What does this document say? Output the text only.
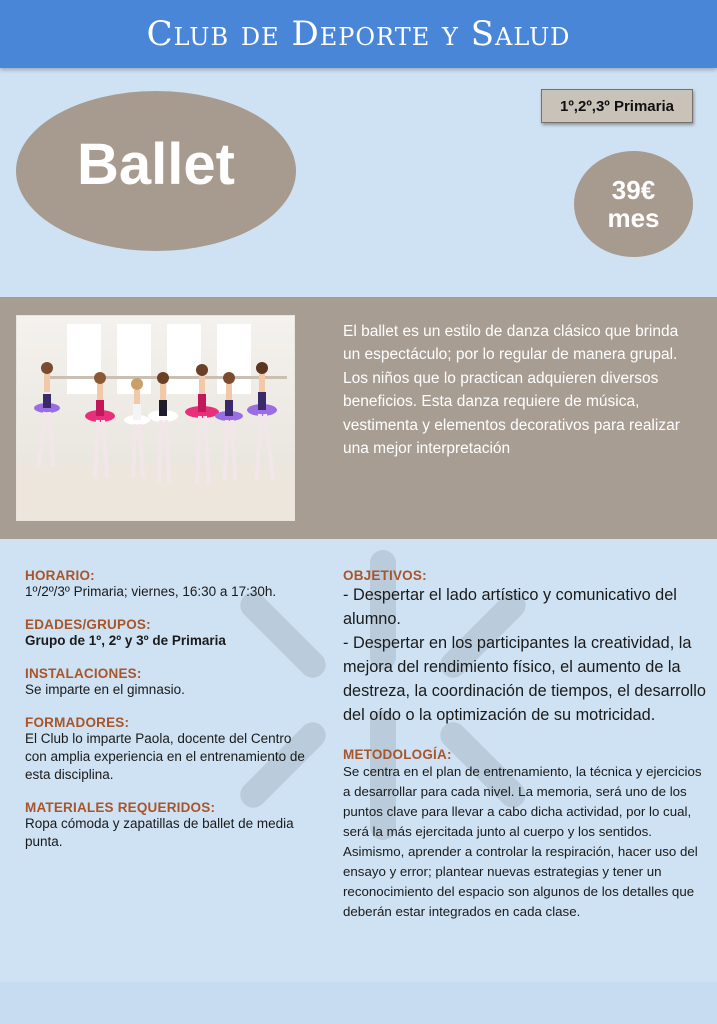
Club de Deporte y Salud
1º,2º,3º Primaria
Ballet	39€
mes
El ballet es un estilo de danza clásico que brinda un espectáculo; por lo regular de manera grupal. Los niños que lo practican adquieren diversos beneficios. Esta danza requiere de música, vestimenta y elementos decorativos para realizar una mejor interpretación
HORARIO:
1º/2º/3º Primaria; viernes, 16:30 a 17:30h.
EDADES/GRUPOS:
Grupo de 1º, 2º y 3º de Primaria
INSTALACIONES:
Se imparte en el gimnasio.
FORMADORES:
El Club lo imparte Paola, docente del Centro con amplia experiencia en el entrenamiento de esta disciplina.
MATERIALES REQUERIDOS:
Ropa cómoda y zapatillas de ballet de media punta.
OBJETIVOS:
- Despertar el lado artístico y comunicativo del alumno.
- Despertar en los participantes la creatividad, la mejora del rendimiento físico, el aumento de la destreza, la coordinación de tiempos, el desarrollo del oído o la optimización de su motricidad.
METODOLOGÍA:
Se centra en el plan de entrenamiento, la técnica y ejercicios a desarrollar para cada nivel. La memoria, será uno de los puntos clave para llevar a cabo dicha actividad, por lo cual, será la más ejercitada junto al cuerpo y los sentidos.
Asimismo, aprender a controlar la respiración, hacer uso del ensayo y error; plantear nuevas estrategias y tener un reconocimiento del espacio son algunos de los detalles que deberán estar integrados en cada clase.
